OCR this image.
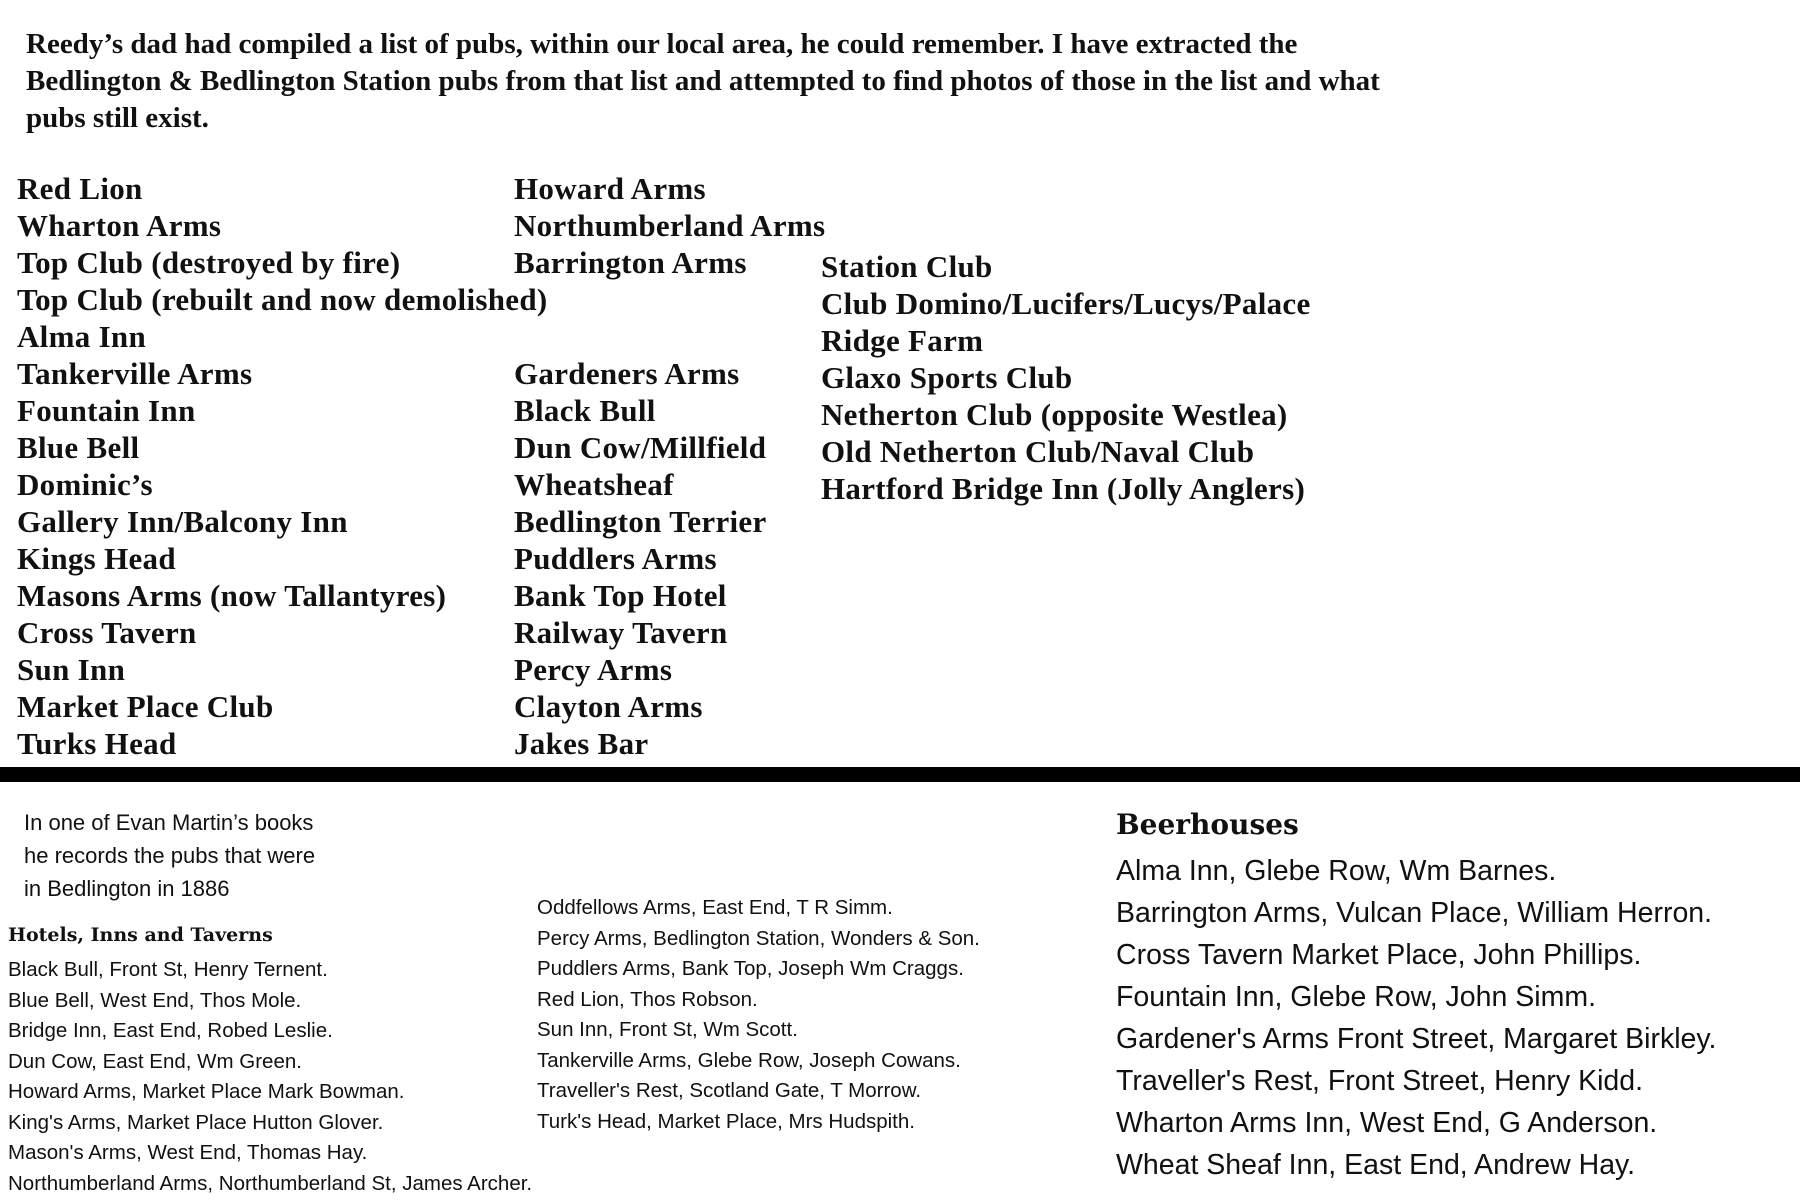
Reedy’s dad had compiled a list of pubs, within our local area, he could remember. I have extracted the Bedlington & Bedlington Station pubs from that list and attempted to find photos of those in the list and what pubs still exist.
Red Lion
Wharton Arms
Top Club (destroyed by fire)
Top Club (rebuilt and now demolished)
Alma Inn
Tankerville Arms
Fountain Inn
Blue Bell
Dominic’s
Gallery Inn/Balcony Inn
Kings Head
Masons Arms (now Tallantyres)
Cross Tavern
Sun Inn
Market Place Club
Turks Head
Howard Arms
Northumberland Arms
Barrington Arms
Gardeners Arms
Black Bull
Dun Cow/Millfield
Wheatsheaf
Bedlington Terrier
Puddlers Arms
Bank Top Hotel
Railway Tavern
Percy Arms
Clayton Arms
Jakes Bar
Station Club
Club Domino/Lucifers/Lucys/Palace
Ridge Farm
Glaxo Sports Club
Netherton Club (opposite Westlea)
Old Netherton Club/Naval Club
Hartford Bridge Inn (Jolly Anglers)
In one of Evan Martin’s books he records the pubs that were in Bedlington in 1886
Hotels, Inns and Taverns
Black Bull, Front St, Henry Ternent.
Blue Bell, West End, Thos Mole.
Bridge Inn, East End, Robed Leslie.
Dun Cow, East End, Wm Green.
Howard Arms, Market Place Mark Bowman.
King's Arms, Market Place Hutton Glover.
Mason's Arms, West End, Thomas Hay.
Northumberland Arms, Northumberland St, James Archer.
Oddfellows Arms, East End, T R Simm.
Percy Arms, Bedlington Station, Wonders & Son.
Puddlers Arms, Bank Top, Joseph Wm Craggs.
Red Lion, Thos Robson.
Sun Inn, Front St, Wm Scott.
Tankerville Arms, Glebe Row, Joseph Cowans.
Traveller's Rest, Scotland Gate, T Morrow.
Turk's Head, Market Place, Mrs Hudspith.
Beerhouses
Alma Inn, Glebe Row, Wm Barnes.
Barrington Arms, Vulcan Place, William Herron.
Cross Tavern Market Place, John Phillips.
Fountain Inn, Glebe Row, John Simm.
Gardener's Arms Front Street, Margaret Birkley.
Traveller's Rest, Front Street, Henry Kidd.
Wharton Arms Inn, West End, G Anderson.
Wheat Sheaf Inn, East End, Andrew Hay.
